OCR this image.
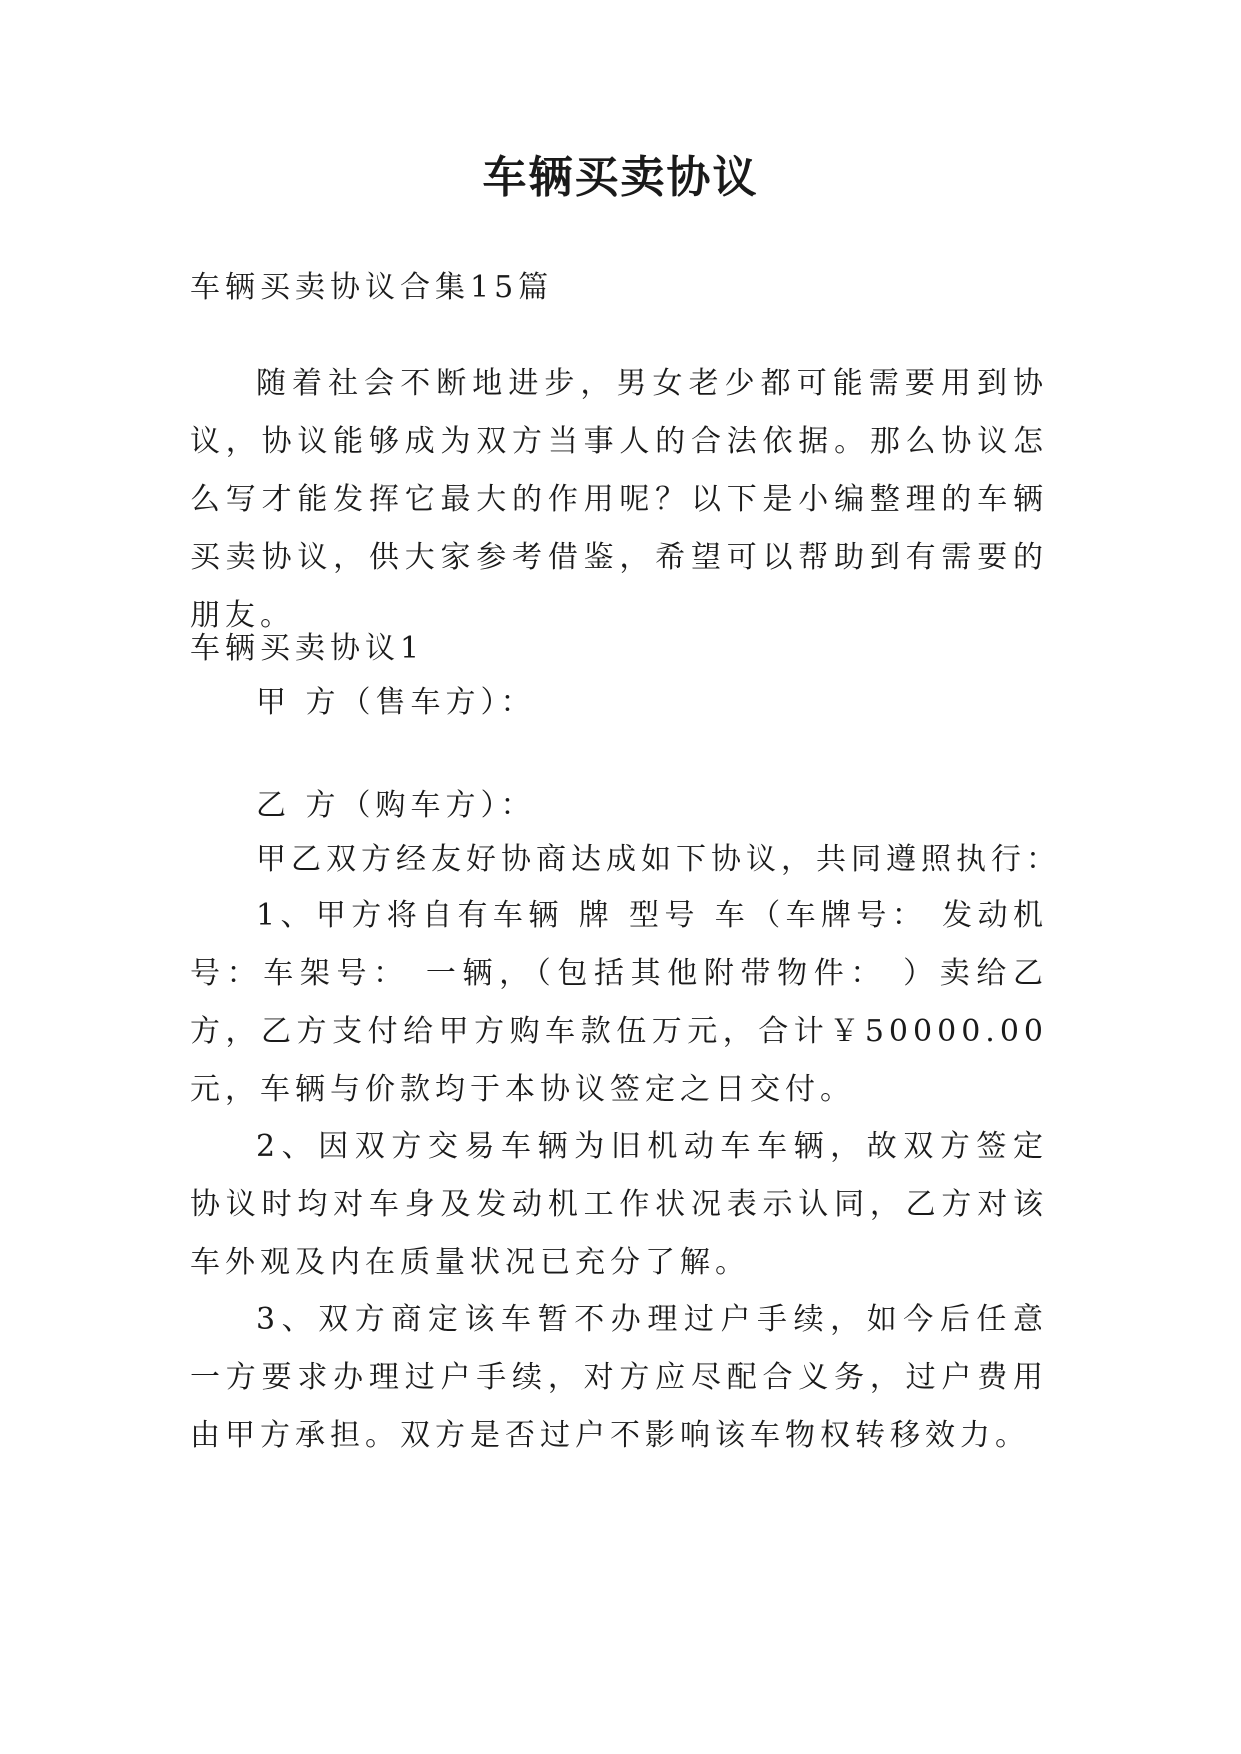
车辆买卖协议
车辆买卖协议合集15篇
随着社会不断地进步，男女老少都可能需要用到协议，协议能够成为双方当事人的合法依据。那么协议怎么写才能发挥它最大的作用呢？以下是小编整理的车辆买卖协议，供大家参考借鉴，希望可以帮助到有需要的朋友。
车辆买卖协议1
甲 方（售车方）：
乙 方（购车方）：
甲乙双方经友好协商达成如下协议，共同遵照执行：
1、甲方将自有车辆 牌 型号 车（车牌号： 发动机号：车架号： 一辆，（包括其他附带物件： ）卖给乙方，乙方支付给甲方购车款伍万元，合计￥50000.00元，车辆与价款均于本协议签定之日交付。
2、因双方交易车辆为旧机动车车辆，故双方签定协议时均对车身及发动机工作状况表示认同，乙方对该车外观及内在质量状况已充分了解。
3、双方商定该车暂不办理过户手续，如今后任意一方要求办理过户手续，对方应尽配合义务，过户费用由甲方承担。双方是否过户不影响该车物权转移效力。
